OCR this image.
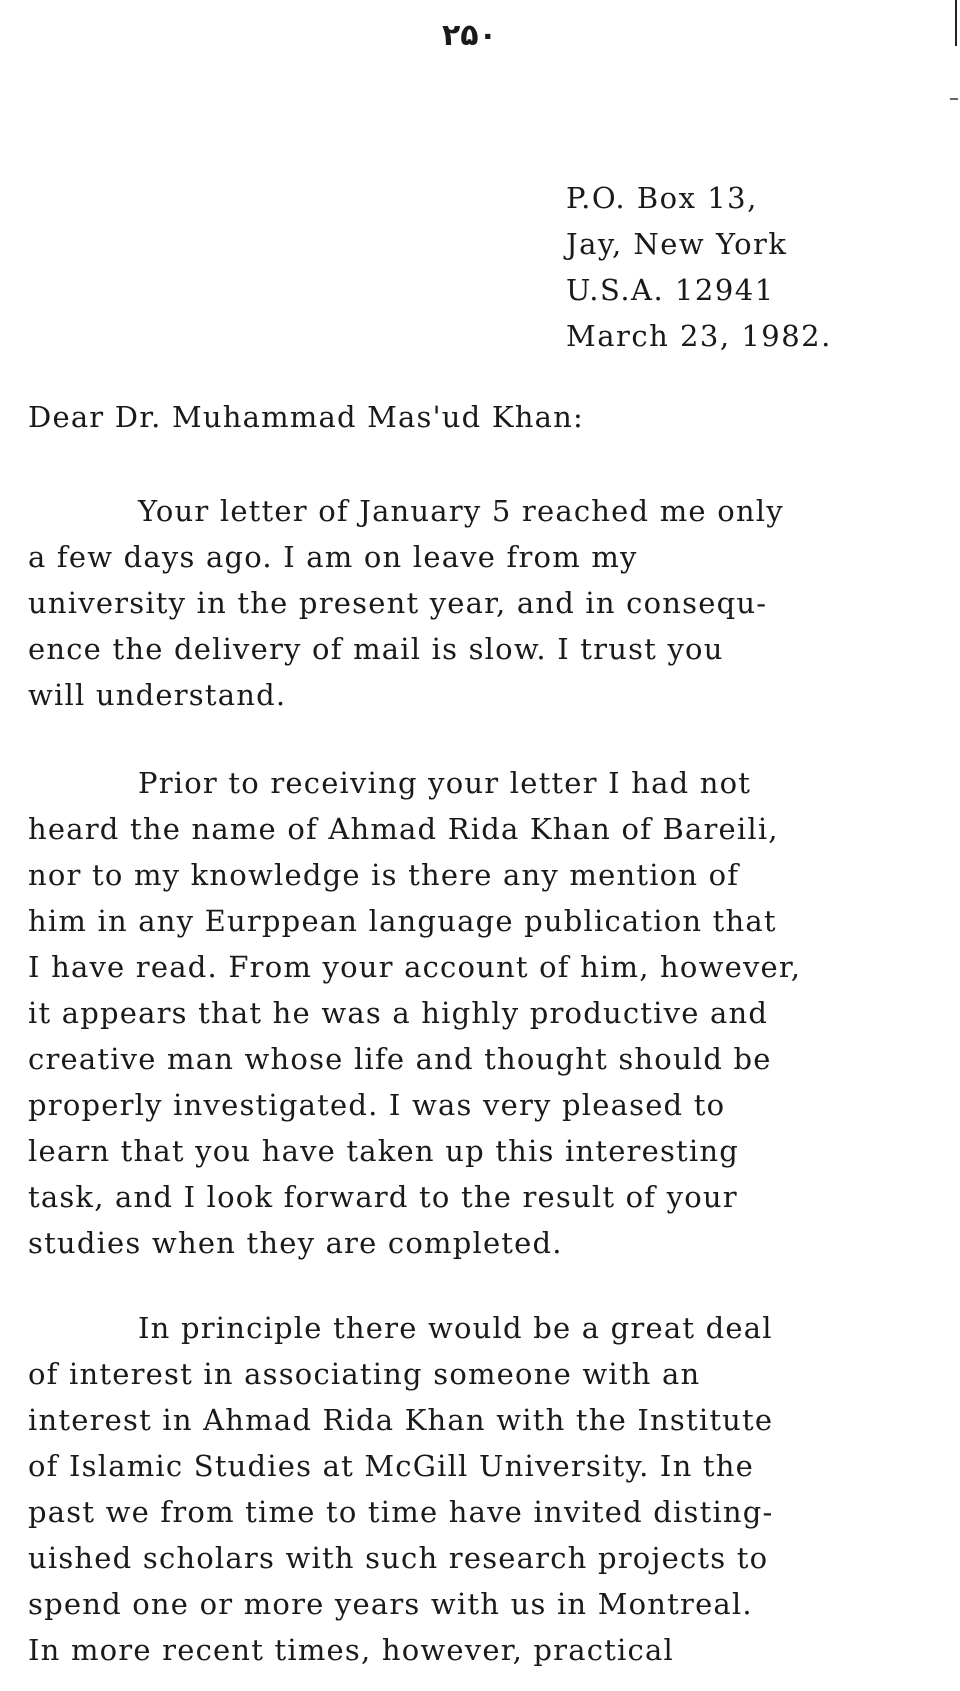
۲۵۰
P.O. Box 13,
Jay, New York
U.S.A. 12941
March 23, 1982.
Dear Dr. Muhammad Mas'ud Khan:
Your letter of January 5 reached me only
a few days ago. I am on leave from my
university in the present year, and in consequ-
ence the delivery of mail is slow. I trust you
will understand.
Prior to receiving your letter I had not
heard the name of Ahmad Rida Khan of Bareili,
nor to my knowledge is there any mention of
him in any Eurppean language publication that
I have read. From your account of him, however,
it appears that he was a highly productive and
creative man whose life and thought should be
properly investigated. I was very pleased to
learn that you have taken up this interesting
task, and I look forward to the result of your
studies when they are completed.
In principle there would be a great deal
of interest in associating someone with an
interest in Ahmad Rida Khan with the Institute
of Islamic Studies at McGill University. In the
past we from time to time have invited disting-
uished scholars with such research projects to
spend one or more years with us in Montreal.
In more recent times, however, practical
